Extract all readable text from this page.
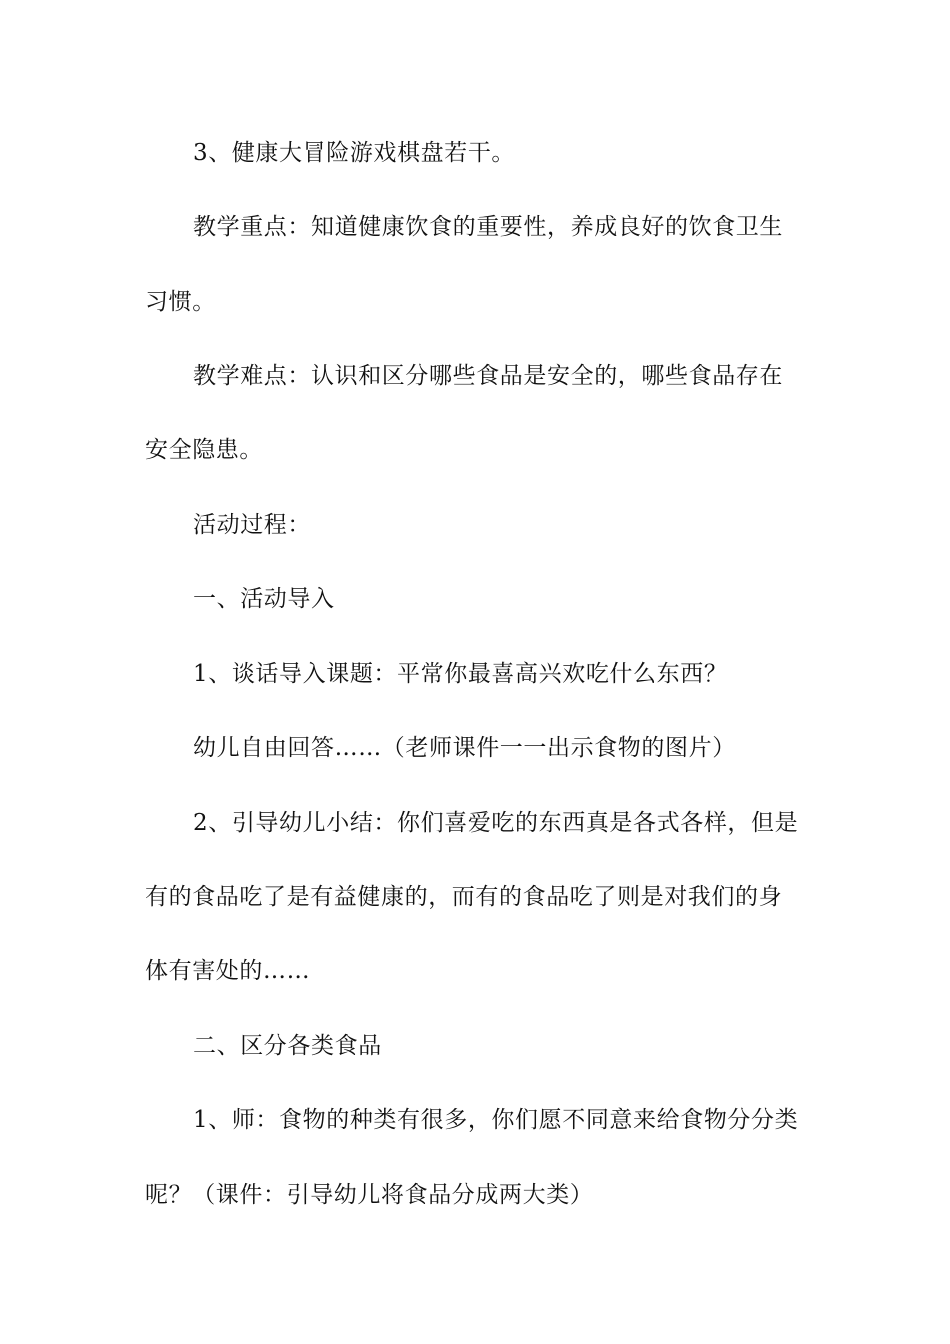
3、健康大冒险游戏棋盘若干。
教学重点：知道健康饮食的重要性，养成良好的饮食卫生
习惯。
教学难点：认识和区分哪些食品是安全的，哪些食品存在
安全隐患。
活动过程：
一、活动导入
1、谈话导入课题：平常你最喜高兴欢吃什么东西？
幼儿自由回答……（老师课件一一出示食物的图片）
2、引导幼儿小结：你们喜爱吃的东西真是各式各样，但是
有的食品吃了是有益健康的，而有的食品吃了则是对我们的身
体有害处的……
二、区分各类食品
1、师：食物的种类有很多，你们愿不同意来给食物分分类
呢？（课件：引导幼儿将食品分成两大类）
